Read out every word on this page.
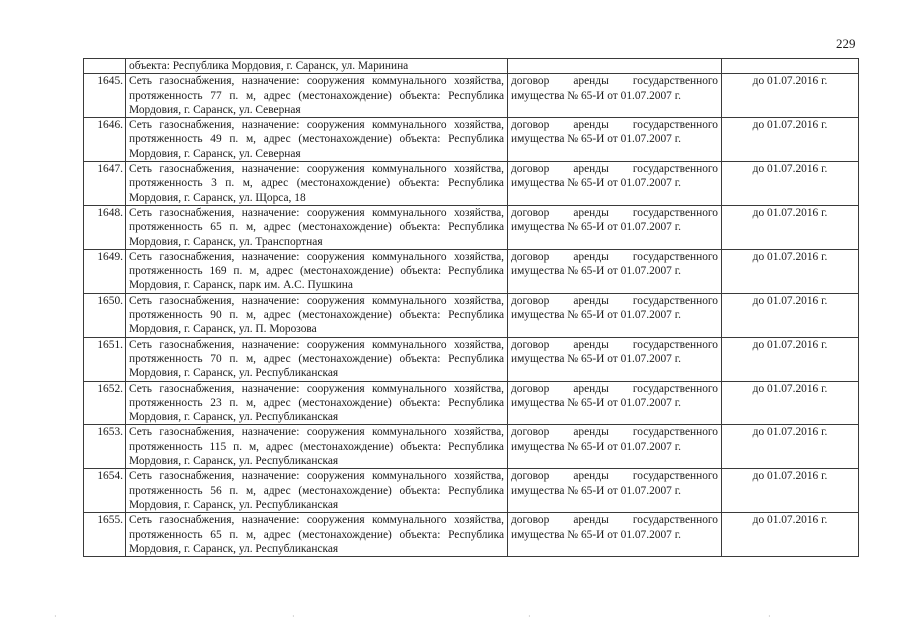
229
	объекта: Республика Мордовия, г. Саранск, ул. Маринина		
1645.	Сеть газоснабжения, назначение: сооружения коммунального хозяйства, протяженность 77 п. м, адрес (местонахождение) объекта: Республика Мордовия, г. Саранск, ул. Северная	договор аренды государственного имущества № 65-И от 01.07.2007 г.	до 01.07.2016 г.
1646.	Сеть газоснабжения, назначение: сооружения коммунального хозяйства, протяженность 49 п. м, адрес (местонахождение) объекта: Республика Мордовия, г. Саранск, ул. Северная	договор аренды государственного имущества № 65-И от 01.07.2007 г.	до 01.07.2016 г.
1647.	Сеть газоснабжения, назначение: сооружения коммунального хозяйства, протяженность 3 п. м, адрес (местонахождение) объекта: Республика Мордовия, г. Саранск, ул. Щорса, 18	договор аренды государственного имущества № 65-И от 01.07.2007 г.	до 01.07.2016 г.
1648.	Сеть газоснабжения, назначение: сооружения коммунального хозяйства, протяженность 65 п. м, адрес (местонахождение) объекта: Республика Мордовия, г. Саранск, ул. Транспортная	договор аренды государственного имущества № 65-И от 01.07.2007 г.	до 01.07.2016 г.
1649.	Сеть газоснабжения, назначение: сооружения коммунального хозяйства, протяженность 169 п. м, адрес (местонахождение) объекта: Республика Мордовия, г. Саранск, парк им. А.С. Пушкина	договор аренды государственного имущества № 65-И от 01.07.2007 г.	до 01.07.2016 г.
1650.	Сеть газоснабжения, назначение: сооружения коммунального хозяйства, протяженность 90 п. м, адрес (местонахождение) объекта: Республика Мордовия, г. Саранск, ул. П. Морозова	договор аренды государственного имущества № 65-И от 01.07.2007 г.	до 01.07.2016 г.
1651.	Сеть газоснабжения, назначение: сооружения коммунального хозяйства, протяженность 70 п. м, адрес (местонахождение) объекта: Республика Мордовия, г. Саранск, ул. Республиканская	договор аренды государственного имущества № 65-И от 01.07.2007 г.	до 01.07.2016 г.
1652.	Сеть газоснабжения, назначение: сооружения коммунального хозяйства, протяженность 23 п. м, адрес (местонахождение) объекта: Республика Мордовия, г. Саранск, ул. Республиканская	договор аренды государственного имущества № 65-И от 01.07.2007 г.	до 01.07.2016 г.
1653.	Сеть газоснабжения, назначение: сооружения коммунального хозяйства, протяженность 115 п. м, адрес (местонахождение) объекта: Республика Мордовия, г. Саранск, ул. Республиканская	договор аренды государственного имущества № 65-И от 01.07.2007 г.	до 01.07.2016 г.
1654.	Сеть газоснабжения, назначение: сооружения коммунального хозяйства, протяженность 56 п. м, адрес (местонахождение) объекта: Республика Мордовия, г. Саранск, ул. Республиканская	договор аренды государственного имущества № 65-И от 01.07.2007 г.	до 01.07.2016 г.
1655.	Сеть газоснабжения, назначение: сооружения коммунального хозяйства, протяженность 65 п. м, адрес (местонахождение) объекта: Республика Мордовия, г. Саранск, ул. Республиканская	договор аренды государственного имущества № 65-И от 01.07.2007 г.	до 01.07.2016 г.
·	·	·	·
